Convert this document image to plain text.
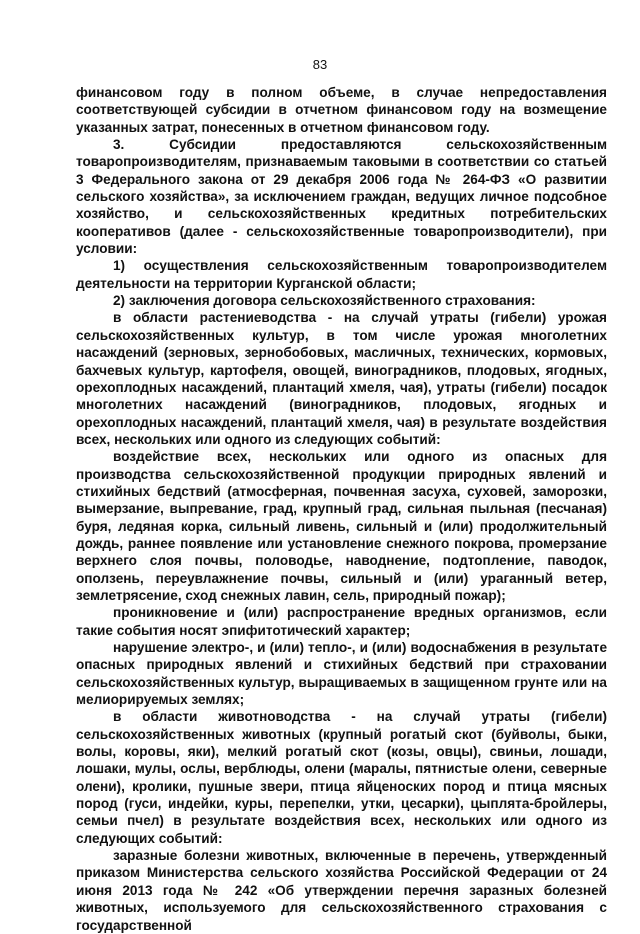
83

финансовом году в полном объеме, в случае непредоставления соответствующей субсидии в отчетном финансовом году на возмещение указанных затрат, понесенных в отчетном финансовом году.

3. Субсидии предоставляются сельскохозяйственным товаропроизводителям, признаваемым таковыми в соответствии со статьей 3 Федерального закона от 29 декабря 2006 года № 264-ФЗ «О развитии сельского хозяйства», за исключением граждан, ведущих личное подсобное хозяйство, и сельскохозяйственных кредитных потребительских кооперативов (далее - сельскохозяйственные товаропроизводители), при условии:

1) осуществления сельскохозяйственным товаропроизводителем деятельности на территории Курганской области;

2) заключения договора сельскохозяйственного страхования:

в области растениеводства - на случай утраты (гибели) урожая сельскохозяйственных культур, в том числе урожая многолетних насаждений (зерновых, зернобобовых, масличных, технических, кормовых, бахчевых культур, картофеля, овощей, виноградников, плодовых, ягодных, орехоплодных насаждений, плантаций хмеля, чая), утраты (гибели) посадок многолетних насаждений (виноградников, плодовых, ягодных и орехоплодных насаждений, плантаций хмеля, чая) в результате воздействия всех, нескольких или одного из следующих событий:

воздействие всех, нескольких или одного из опасных для производства сельскохозяйственной продукции природных явлений и стихийных бедствий (атмосферная, почвенная засуха, суховей, заморозки, вымерзание, выпревание, град, крупный град, сильная пыльная (песчаная) буря, ледяная корка, сильный ливень, сильный и (или) продолжительный дождь, раннее появление или установление снежного покрова, промерзание верхнего слоя почвы, половодье, наводнение, подтопление, паводок, оползень, переувлажнение почвы, сильный и (или) ураганный ветер, землетрясение, сход снежных лавин, сель, природный пожар);

проникновение и (или) распространение вредных организмов, если такие события носят эпифитотический характер;

нарушение электро-, и (или) тепло-, и (или) водоснабжения в результате опасных природных явлений и стихийных бедствий при страховании сельскохозяйственных культур, выращиваемых в защищенном грунте или на мелиорируемых землях;

в области животноводства - на случай утраты (гибели) сельскохозяйственных животных (крупный рогатый скот (буйволы, быки, волы, коровы, яки), мелкий рогатый скот (козы, овцы), свиньи, лошади, лошаки, мулы, ослы, верблюды, олени (маралы, пятнистые олени, северные олени), кролики, пушные звери, птица яйценоских пород и птица мясных пород (гуси, индейки, куры, перепелки, утки, цесарки), цыплята-бройлеры, семьи пчел) в результате воздействия всех, нескольких или одного из следующих событий:

заразные болезни животных, включенные в перечень, утвержденный приказом Министерства сельского хозяйства Российской Федерации от 24 июня 2013 года № 242 «Об утверждении перечня заразных болезней животных, используемого для сельскохозяйственного страхования с государственной
